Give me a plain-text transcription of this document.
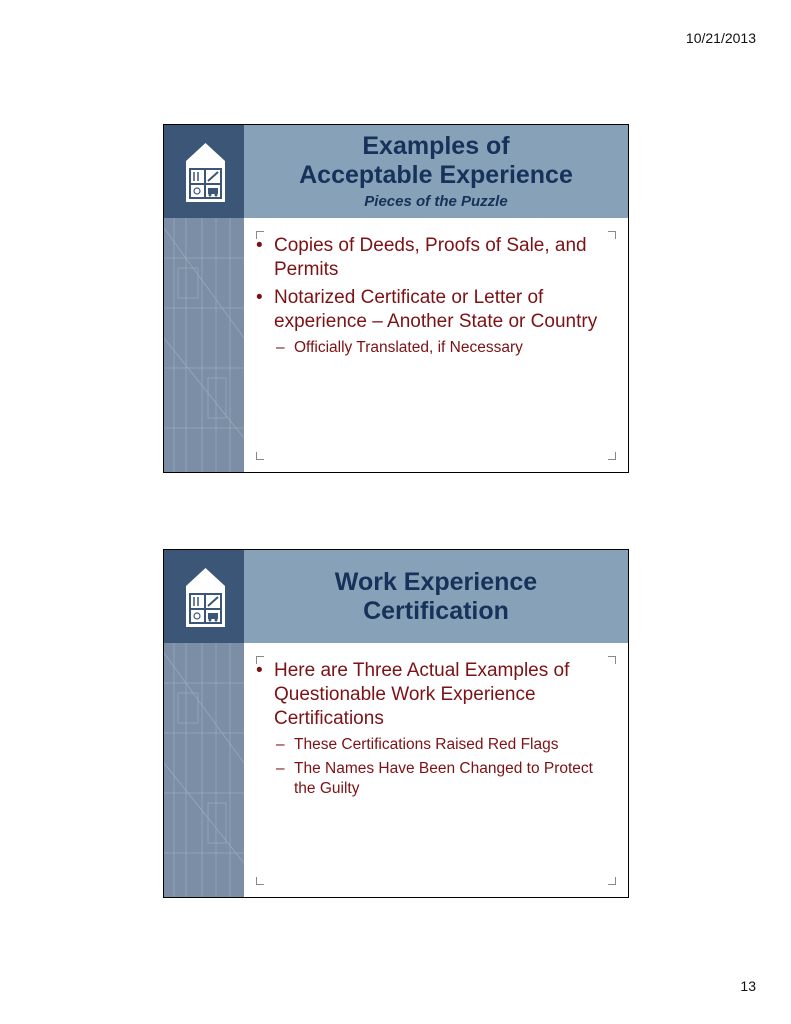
10/21/2013
CSLB
Examples of
Acceptable Experience
Pieces of the Puzzle
• Copies of Deeds, Proofs of Sale, and Permits
• Notarized Certificate or Letter of experience – Another State or Country
– Officially Translated, if Necessary
CSLB	Work Experience
Certification
• Here are Three Actual Examples of Questionable Work Experience Certifications
– These Certifications Raised Red Flags
– The Names Have Been Changed to Protect the Guilty
13
